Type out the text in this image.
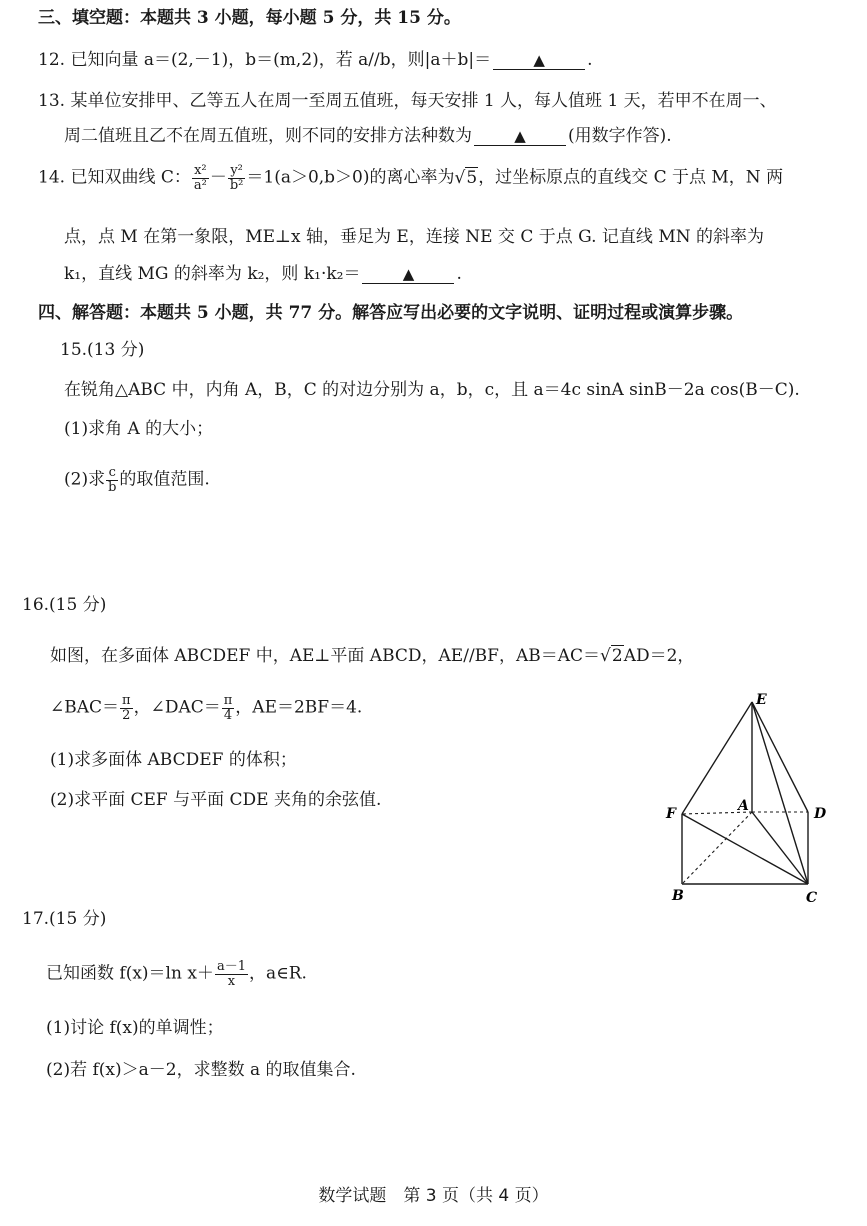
三、填空题：本题共 3 小题，每小题 5 分，共 15 分。
12. 已知向量 a＝(2,－1)，b＝(m,2)，若 a//b，则|a＋b|＝	▲ .
13. 某单位安排甲、乙等五人在周一至周五值班，每天安排 1 人，每人值班 1 天，若甲不在周一、
周二值班且乙不在周五值班，则不同的安排方法种数为	▲ (用数字作答).
14. 已知双曲线 C： $\frac{\text{x²}}{\text{a²}} - \frac{\text{y²}}{\text{b²}} =1(a>0,b>0)$的离心率为√5，过坐标原点的直线交 C 于点 M，N 两
点，点 M 在第一象限，ME⊥x 轴，垂足为 E，连接 NE 交 C 于点 G. 记直线 MN 的斜率为
k₁，直线 MG 的斜率为 k₂，则 k₁·k₂＝	▲ .
四、解答题：本题共 5 小题，共 77 分。解答应写出必要的文字说明、证明过程或演算步骤。
15.(13 分)
在锐角△ABC 中，内角 A，B，C 的对边分别为 a，b，c，且 a＝4c sinA sinB－2a cos(B－C).
(1)求角 A 的大小；
(2)求 $\frac{c}{b}$ 的取值范围.
16.(15 分)
如图，在多面体 ABCDEF 中，AE⊥平面 ABCD，AE//BF，AB＝AC＝√2AD＝2，
∠BAC＝ $\frac{\pi}{2}$ ，∠DAC＝ $\frac{\pi}{4}$ ，AE＝2BF＝4.
(1)求多面体 ABCDEF 的体积；
(2)求平面 CEF 与平面 CDE 夹角的余弦值.
E
F	A	D
B	C
17.(15 分)
已知函数 f(x)＝ln $x+ \frac{a-1}{x}$ ，a∈R.
(1)讨论 f(x)的单调性；
(2)若 f(x)＞a－2，求整数 a 的取值集合.
数学试题　第 3 页（共 4 页）
